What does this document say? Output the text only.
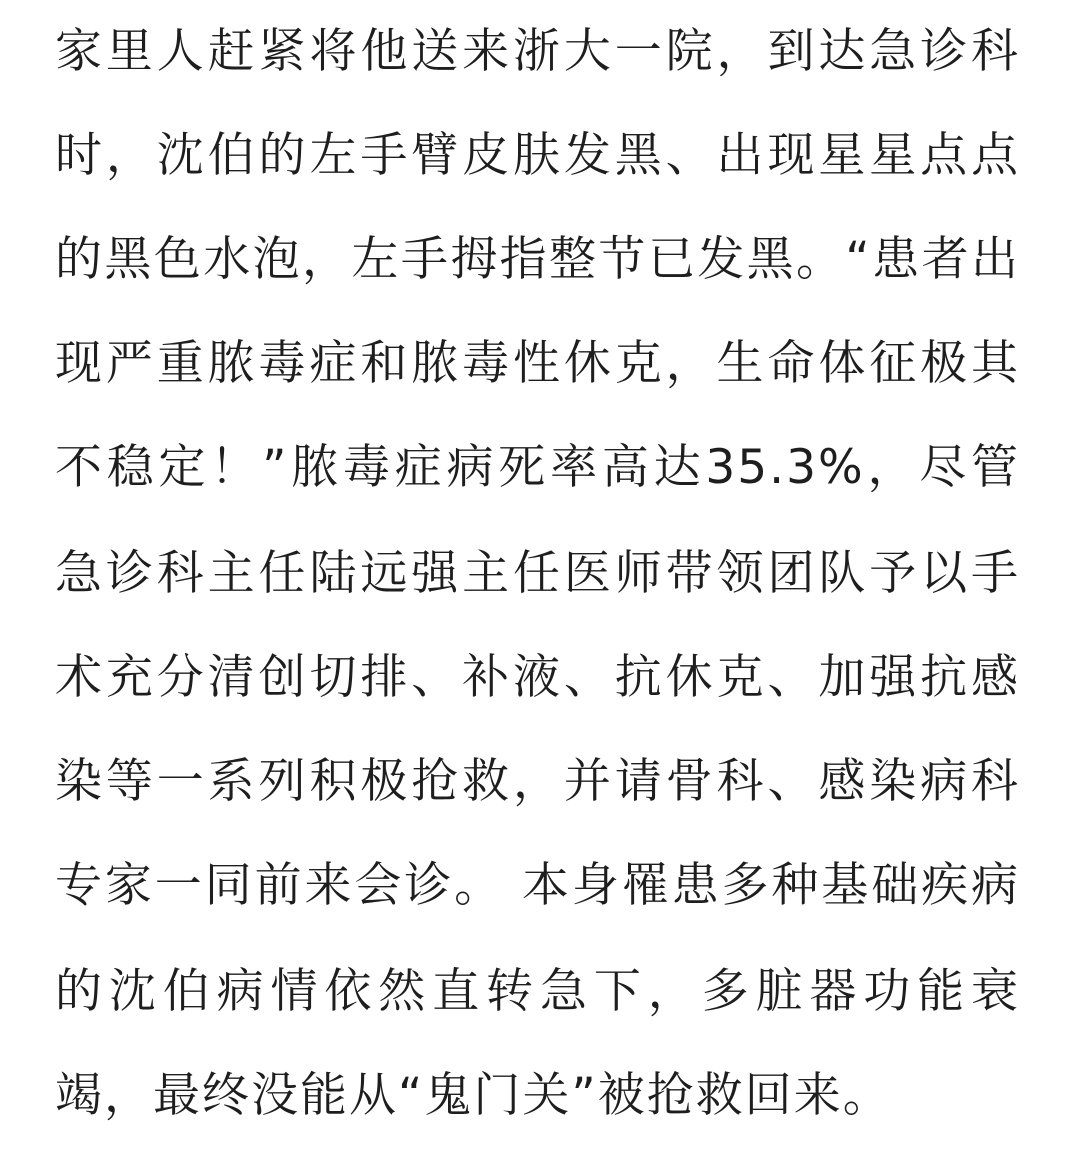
家里人赶紧将他送来浙大一院，到达急诊科
时，沈伯的左手臂皮肤发黑、出现星星点点
的黑色水泡，左手拇指整节已发黑。“患者出
现严重脓毒症和脓毒性休克，生命体征极其
不稳定！”脓毒症病死率高达35.3%，尽管
急诊科主任陆远强主任医师带领团队予以手
术充分清创切排、补液、抗休克、加强抗感
染等一系列积极抢救，并请骨科、感染病科
专家一同前来会诊。 本身罹患多种基础疾病
的沈伯病情依然直转急下，多脏器功能衰
竭，最终没能从“鬼门关”被抢救回来。
